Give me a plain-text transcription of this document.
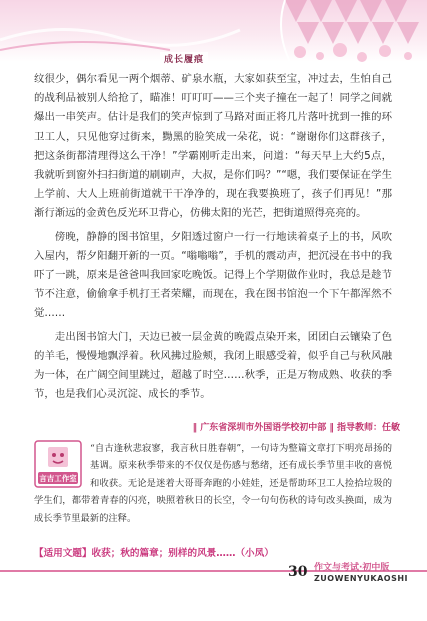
成长履痕

纹很少，偶尔看见一两个烟蒂、矿泉水瓶，大家如获至宝，冲过去，生怕自己的战利品被别人给抢了，瞄准！叮叮叮——三个夹子撞在一起了！同学之间就爆出一串笑声。估计是我们的笑声惊到了马路对面正将几片落叶扰到一推的环卫工人，只见他穿过街来，黝黑的脸笑成一朵花，说：“谢谢你们这群孩子，把这条街都清理得这么干净！”学霸刚听走出来，问道：“每天早上大约5点，我就听到窗外扫扫街道的刷刷声，大叔，是你们吗？”“嗯，我们要保证在学生上学前、大人上班前街道就干干净净的，现在我要换班了，孩子们再见！”那渐行渐远的金黄色反光环卫背心，仿佛太阳的光芒，把街道照得亮亮的。

傍晚，静静的图书馆里，夕阳透过窗户一行一行地读着桌子上的书，风吹入屋内，帮夕阳翻开新的一页。“嗡嗡嗡”，手机的震动声，把沉浸在书中的我吓了一跳，原来是爸爸叫我回家吃晚饭。记得上个学期做作业时，我总是趁节节不注意，偷偷拿手机打王者荣耀，而现在，我在图书馆泡一个下午都浑然不觉……

走出图书馆大门，天边已被一层金黄的晚霞点染开来，团团白云镶染了色的羊毛，慢慢地飘浮着。秋风拂过脸颊，我闭上眼感受着，似乎自己与秋风融为一体，在广阔空间里跳过，超越了时空……秋季，正是万物成熟、收获的季节，也是我们心灵沉淀、成长的季节。

‖ 广东省深圳市外国语学校初中部 ‖ 指导教师：任敏
言吉工作室
“自古逢秋悲寂寥，我言秋日胜春朝”，一句诗为整篇文章打下明亮昂扬的基调。原来秋季带来的不仅仅是伤感与愁绪，还有成长季节里丰收的喜悦和收获。无论是迷着大哥哥奔跑的小娃娃，还是帮助环卫工人捡拾垃圾的学生们，都带着青春的闪亮，映照着秋日的长空，令一句句伤秋的诗句改头换面，成为成长季节里最新的注释。
【适用文题】收获；秋的篇章；别样的风景……（小凤）
30 作文与考试·初中版
ZUOWENYUKAOSHI
